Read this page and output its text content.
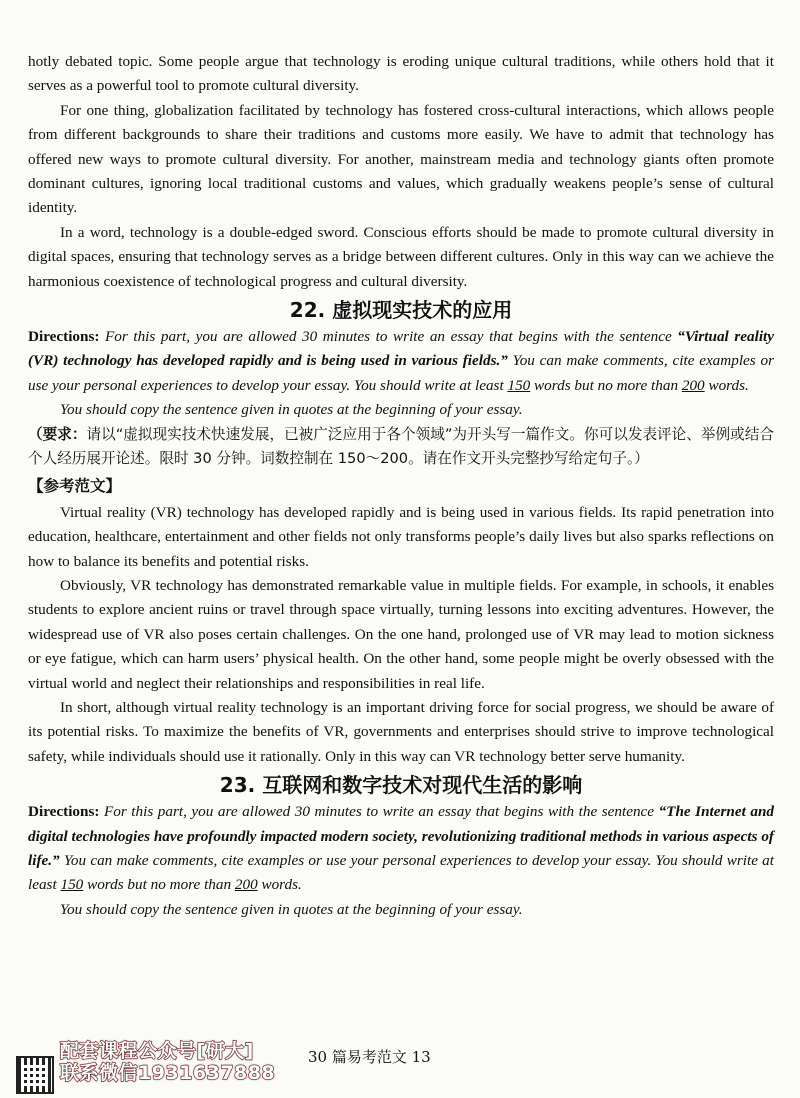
hotly debated topic. Some people argue that technology is eroding unique cultural traditions, while others hold that it serves as a powerful tool to promote cultural diversity.

For one thing, globalization facilitated by technology has fostered cross-cultural interactions, which allows people from different backgrounds to share their traditions and customs more easily. We have to admit that technology has offered new ways to promote cultural diversity. For another, mainstream media and technology giants often promote dominant cultures, ignoring local traditional customs and values, which gradually weakens people’s sense of cultural identity.

In a word, technology is a double-edged sword. Conscious efforts should be made to promote cultural diversity in digital spaces, ensuring that technology serves as a bridge between different cultures. Only in this way can we achieve the harmonious coexistence of technological progress and cultural diversity.

22. 虚拟现实技术的应用

Directions: For this part, you are allowed 30 minutes to write an essay that begins with the sentence “Virtual reality (VR) technology has developed rapidly and is being used in various fields.” You can make comments, cite examples or use your personal experiences to develop your essay. You should write at least 150 words but no more than 200 words.

You should copy the sentence given in quotes at the beginning of your essay.

（要求：请以“虚拟现实技术快速发展，已被广泛应用于各个领域”为开头写一篇作文。你可以发表评论、举例或结合个人经历展开论述。限时 30 分钟。词数控制在 150～200。请在作文开头完整抄写给定句子。）

【参考范文】

Virtual reality (VR) technology has developed rapidly and is being used in various fields. Its rapid penetration into education, healthcare, entertainment and other fields not only transforms people’s daily lives but also sparks reflections on how to balance its benefits and potential risks.

Obviously, VR technology has demonstrated remarkable value in multiple fields. For example, in schools, it enables students to explore ancient ruins or travel through space virtually, turning lessons into exciting adventures. However, the widespread use of VR also poses certain challenges. On the one hand, prolonged use of VR may lead to motion sickness or eye fatigue, which can harm users’ physical health. On the other hand, some people might be overly obsessed with the virtual world and neglect their relationships and responsibilities in real life.

In short, although virtual reality technology is an important driving force for social progress, we should be aware of its potential risks. To maximize the benefits of VR, governments and enterprises should strive to improve technological safety, while individuals should use it rationally. Only in this way can VR technology better serve humanity.

23. 互联网和数字技术对现代生活的影响

Directions: For this part, you are allowed 30 minutes to write an essay that begins with the sentence “The Internet and digital technologies have profoundly impacted modern society, revolutionizing traditional methods in various aspects of life.” You can make comments, cite examples or use your personal experiences to develop your essay. You should write at least 150 words but no more than 200 words.

You should copy the sentence given in quotes at the beginning of your essay.

配套课程公众号[研大]
联系微信1931637888
30 篇易考范文 13
